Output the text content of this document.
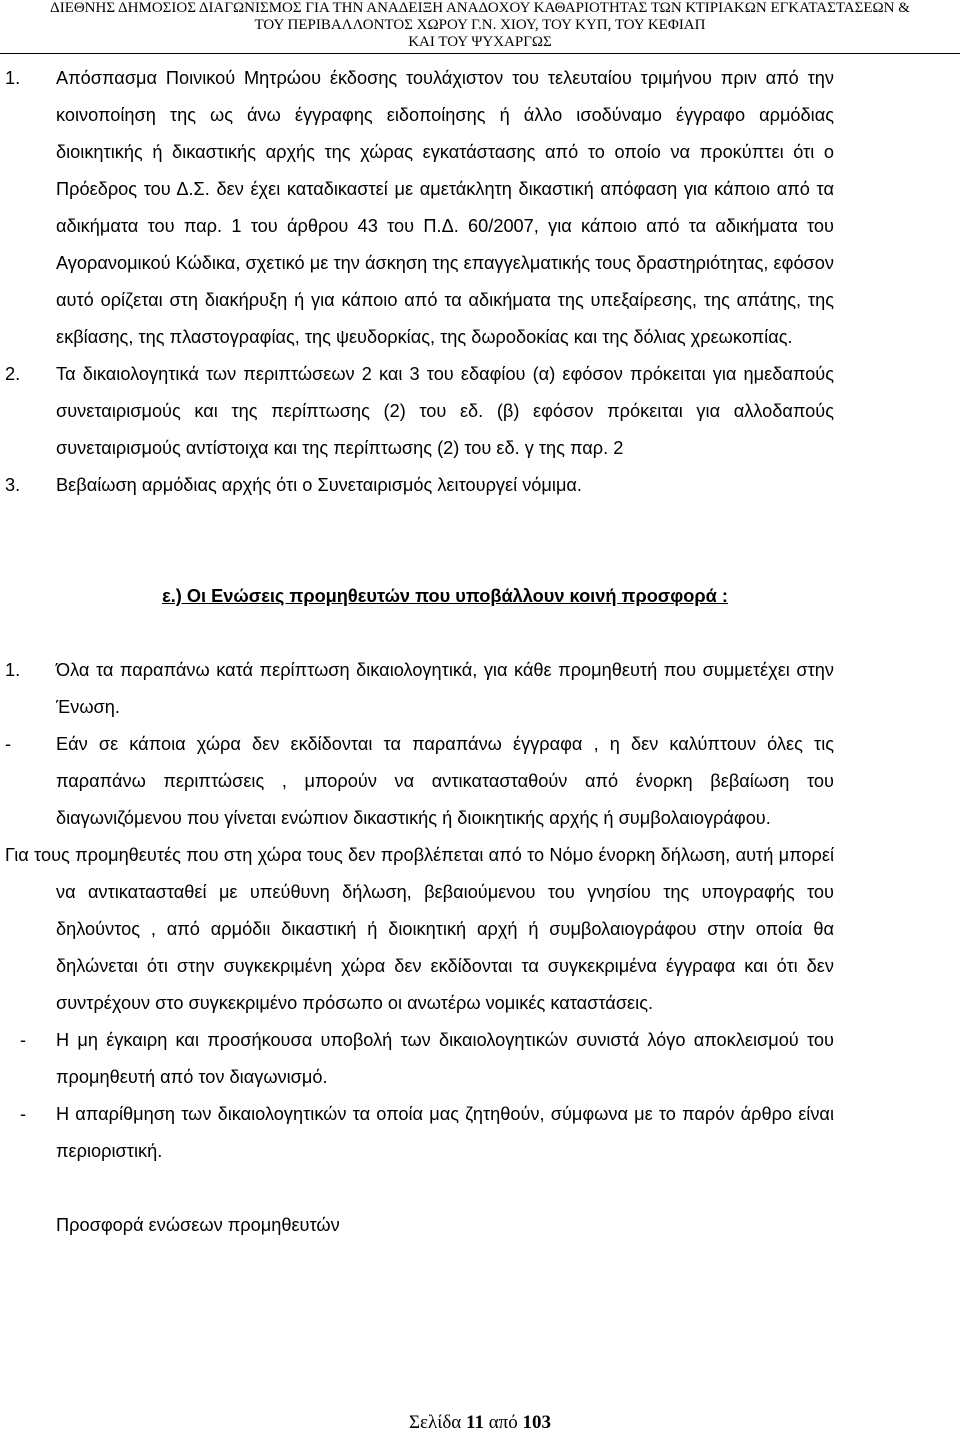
ΔΙΕΘΝΗΣ ΔΗΜΟΣΙΟΣ ΔΙΑΓΩΝΙΣΜΟΣ ΓΙΑ ΤΗΝ ΑΝΑΔΕΙΞΗ ΑΝΑΔΟΧΟΥ ΚΑΘΑΡΙΟΤΗΤΑΣ ΤΩΝ ΚΤΙΡΙΑΚΩΝ ΕΓΚΑΤΑΣΤΑΣΕΩΝ &
ΤΟΥ ΠΕΡΙΒΑΛΛΟΝΤΟΣ ΧΩΡΟΥ Γ.Ν. ΧΙΟΥ, ΤΟΥ ΚΥΠ, ΤΟΥ ΚΕΦΙΑΠ
ΚΑΙ ΤΟΥ ΨΥΧΑΡΓΩΣ

1. Απόσπασμα Ποινικού Μητρώου έκδοσης τουλάχιστον του τελευταίου τριμήνου πριν από την κοινοποίηση της ως άνω έγγραφης ειδοποίησης ή άλλο ισοδύναμο έγγραφο αρμόδιας διοικητικής ή δικαστικής αρχής της χώρας εγκατάστασης από το οποίο να προκύπτει ότι ο Πρόεδρος του Δ.Σ. δεν έχει καταδικαστεί με αμετάκλητη δικαστική απόφαση για κάποιο από τα αδικήματα του παρ. 1 του άρθρου 43 του Π.Δ. 60/2007, για κάποιο από τα αδικήματα του Αγορανομικού Κώδικα, σχετικό με την άσκηση της επαγγελματικής τους δραστηριότητας, εφόσον αυτό ορίζεται στη διακήρυξη ή για κάποιο από τα αδικήματα της υπεξαίρεσης, της απάτης, της εκβίασης, της πλαστογραφίας, της ψευδορκίας, της δωροδοκίας και της δόλιας χρεωκοπίας.

2. Τα δικαιολογητικά των περιπτώσεων 2 και 3 του εδαφίου (α) εφόσον πρόκειται για ημεδαπούς συνεταιρισμούς και της περίπτωσης (2) του εδ. (β) εφόσον πρόκειται για αλλοδαπούς συνεταιρισμούς αντίστοιχα και της περίπτωσης (2) του εδ. γ της παρ. 2

3. Βεβαίωση αρμόδιας αρχής ότι ο Συνεταιρισμός λειτουργεί νόμιμα.

ε.) Οι Ενώσεις προμηθευτών που υποβάλλουν κοινή προσφορά :

1. Όλα τα παραπάνω κατά περίπτωση δικαιολογητικά, για κάθε προμηθευτή που συμμετέχει στην Ένωση.

- Εάν σε κάποια χώρα δεν εκδίδονται τα παραπάνω έγγραφα , η δεν καλύπτουν όλες τις παραπάνω περιπτώσεις , μπορούν να αντικατασταθούν από ένορκη βεβαίωση του διαγωνιζόμενου που γίνεται ενώπιον δικαστικής ή διοικητικής αρχής ή συμβολαιογράφου.

Για τους προμηθευτές που στη χώρα τους δεν προβλέπεται από το Νόμο ένορκη δήλωση, αυτή μπορεί να αντικατασταθεί με υπεύθυνη δήλωση, βεβαιούμενου του γνησίου της υπογραφής του δηλούντος , από αρμόδιι δικαστική ή διοικητική αρχή ή συμβολαιογράφου στην οποία θα δηλώνεται ότι στην συγκεκριμένη χώρα δεν εκδίδονται τα συγκεκριμένα έγγραφα και ότι δεν συντρέχουν στο συγκεκριμένο πρόσωπο οι ανωτέρω νομικές καταστάσεις.

- Η μη έγκαιρη και προσήκουσα υποβολή των δικαιολογητικών συνιστά λόγο αποκλεισμού του προμηθευτή από τον διαγωνισμό.

- Η απαρίθμηση των δικαιολογητικών τα οποία μας ζητηθούν, σύμφωνα με το παρόν άρθρο είναι περιοριστική.

Προσφορά ενώσεων προμηθευτών
Σελίδα 11 από 103
